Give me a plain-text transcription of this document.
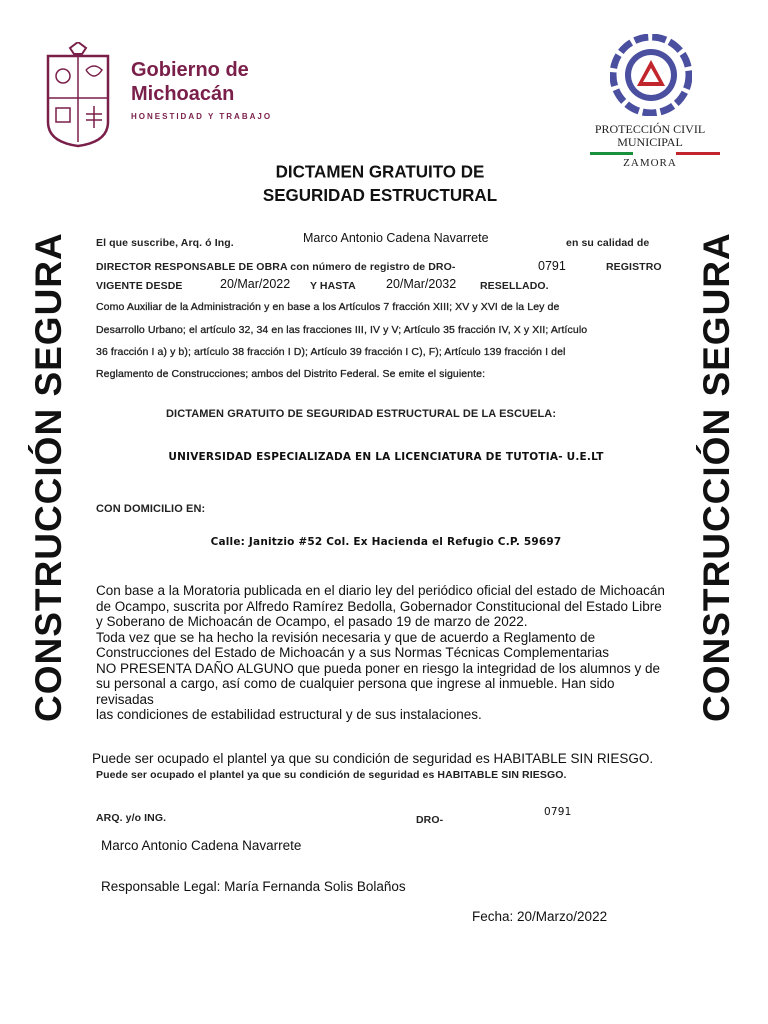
Gobierno de
Michoacán
HONESTIDAD Y TRABAJO
PROTECCIÓN CIVIL
MUNICIPAL
ZAMORA
DICTAMEN GRATUITO DE
SEGURIDAD ESTRUCTURAL
CONSTRUCCIÓN SEGURA	CONSTRUCCIÓN SEGURA
El que suscribe, Arq. ó Ing.	Marco Antonio Cadena Navarrete	en su calidad de
DIRECTOR RESPONSABLE DE OBRA con número de registro de DRO-	0791	REGISTRO
VIGENTE DESDE	20/Mar/2022 Y HASTA 20/Mar/2032 RESELLADO.
Como Auxiliar de la Administración y en base a los Artículos 7 fracción XIII; XV y XVI de la Ley de
Desarrollo Urbano; el artículo 32, 34 en las fracciones III, IV y V; Artículo 35 fracción IV, X y XII; Artículo
36 fracción I a) y b); artículo 38 fracción I D); Artículo 39 fracción I C), F); Artículo 139 fracción I del
Reglamento de Construcciones; ambos del Distrito Federal. Se emite el siguiente:
DICTAMEN GRATUITO DE SEGURIDAD ESTRUCTURAL DE LA ESCUELA:
UNIVERSIDAD ESPECIALIZADA EN LA LICENCIATURA DE TUTOTIA- U.E.LT
CON DOMICILIO EN:
Calle: Janitzio #52 Col. Ex Hacienda el Refugio C.P. 59697
Con base a la Moratoria publicada en el diario ley del periódico oficial del estado de Michoacán
de Ocampo, suscrita por Alfredo Ramírez Bedolla, Gobernador Constitucional del Estado Libre
y Soberano de Michoacán de Ocampo, el pasado 19 de marzo de 2022.
Toda vez que se ha hecho la revisión necesaria y que de acuerdo a Reglamento de
Construcciones del Estado de Michoacán y a sus Normas Técnicas Complementarias
NO PRESENTA DAÑO ALGUNO que pueda poner en riesgo la integridad de los alumnos y de
su personal a cargo, así como de cualquier persona que ingrese al inmueble. Han sido
revisadas
las condiciones de estabilidad estructural y de sus instalaciones.
Puede ser ocupado el plantel ya que su condición de seguridad es HABITABLE SIN RIESGO.
Puede ser ocupado el plantel ya que su condición de seguridad es HABITABLE SIN RIESGO.
ARQ. y/o ING.	DRO-
0791
Marco Antonio Cadena Navarrete
Responsable Legal: María Fernanda Solis Bolaños
Fecha: 20/Marzo/2022
